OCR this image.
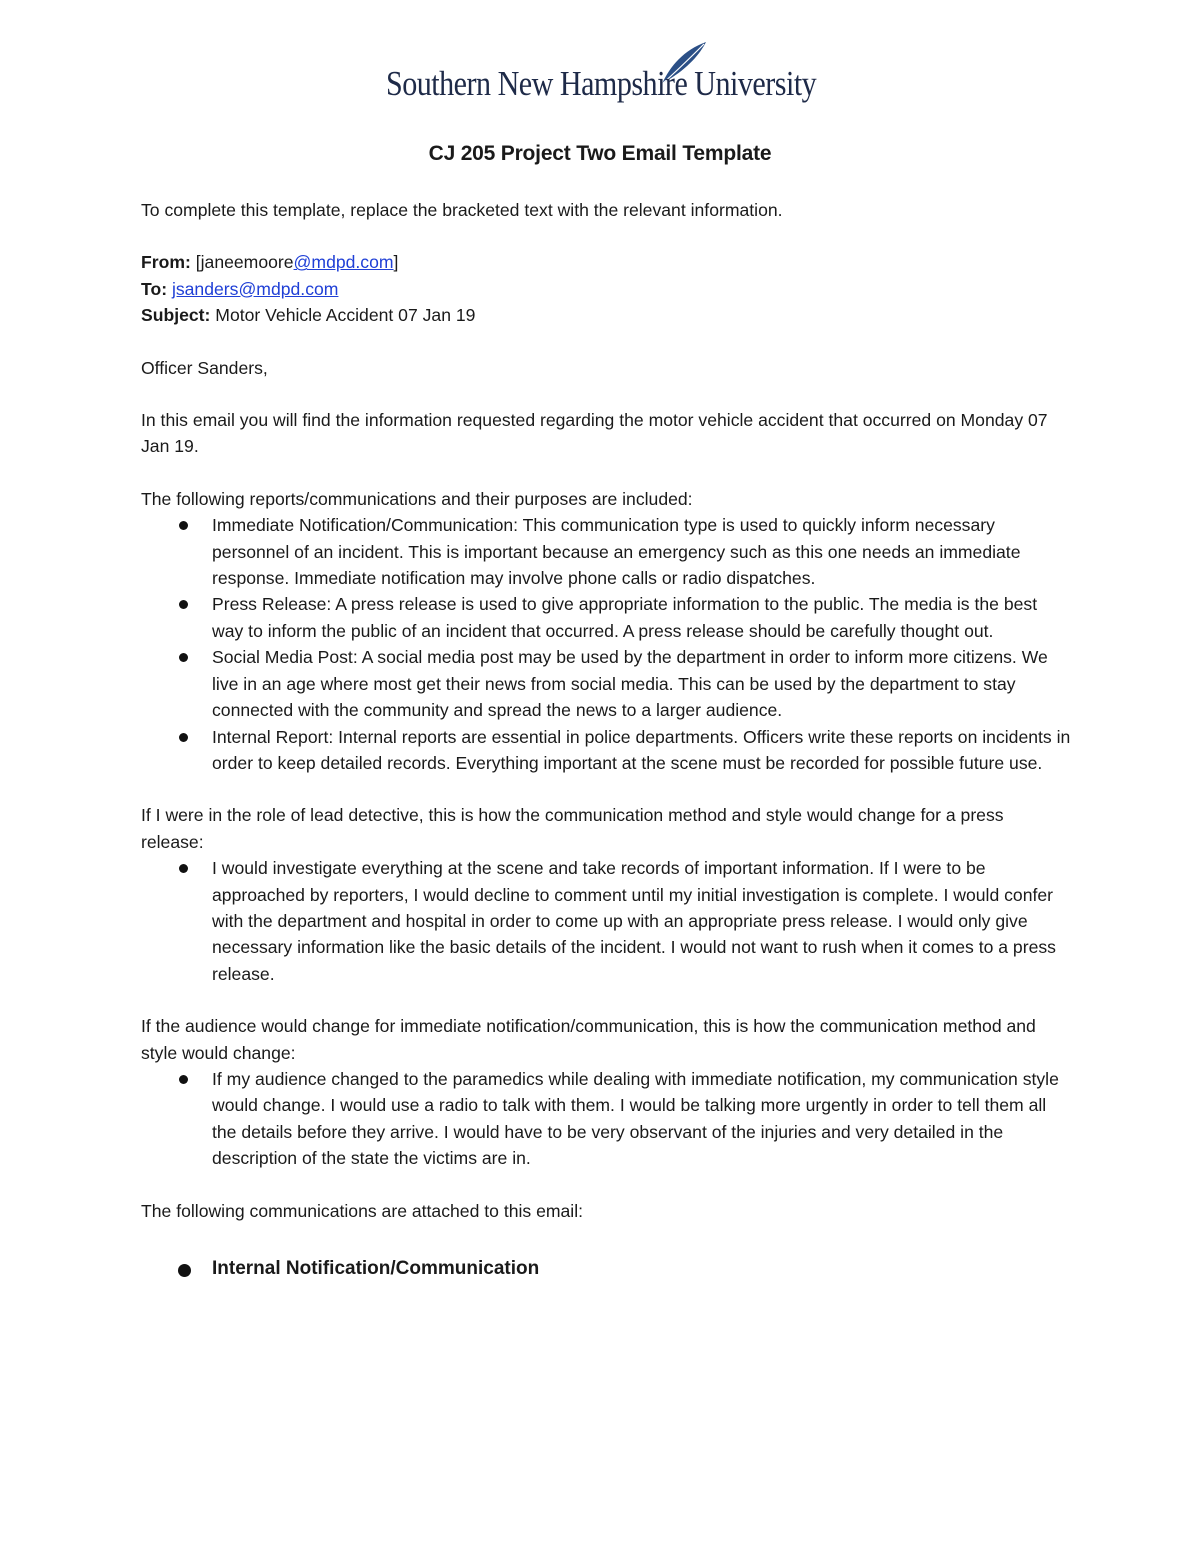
Southern New Hampshire University
CJ 205 Project Two Email Template

To complete this template, replace the bracketed text with the relevant information.

From: [janeemoore@mdpd.com]

To: jsanders@mdpd.com

Subject: Motor Vehicle Accident 07 Jan 19

Officer Sanders,

In this email you will find the information requested regarding the motor vehicle accident that occurred on Monday 07 Jan 19.

The following reports/communications and their purposes are included:

Immediate Notification/Communication: This communication type is used to quickly inform necessary personnel of an incident. This is important because an emergency such as this one needs an immediate response. Immediate notification may involve phone calls or radio dispatches.
Press Release: A press release is used to give appropriate information to the public. The media is the best way to inform the public of an incident that occurred. A press release should be carefully thought out.
Social Media Post: A social media post may be used by the department in order to inform more citizens. We live in an age where most get their news from social media. This can be used by the department to stay connected with the community and spread the news to a larger audience.
Internal Report: Internal reports are essential in police departments. Officers write these reports on incidents in order to keep detailed records. Everything important at the scene must be recorded for possible future use.

If I were in the role of lead detective, this is how the communication method and style would change for a press release:

I would investigate everything at the scene and take records of important information. If I were to be approached by reporters, I would decline to comment until my initial investigation is complete. I would confer with the department and hospital in order to come up with an appropriate press release. I would only give necessary information like the basic details of the incident. I would not want to rush when it comes to a press release.

If the audience would change for immediate notification/communication, this is how the communication method and style would change:

If my audience changed to the paramedics while dealing with immediate notification, my communication style would change. I would use a radio to talk with them. I would be talking more urgently in order to tell them all the details before they arrive. I would have to be very observant of the injuries and very detailed in the description of the state the victims are in.

The following communications are attached to this email:

Internal Notification/Communication
